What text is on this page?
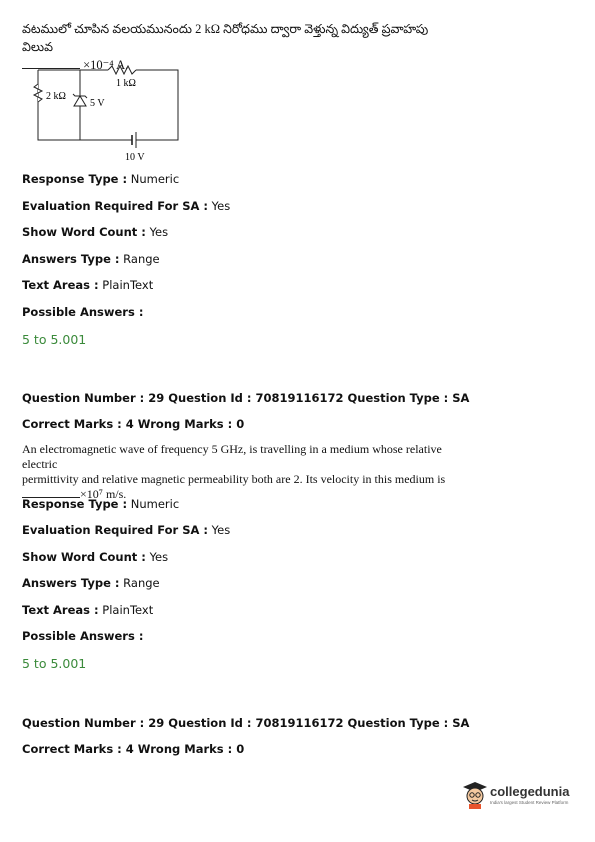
వటములో చూపిన వలయమునందు 2 kΩ నిరోధము ద్వారా వెళ్తున్న విద్యుత్ ప్రవాహపు విలువ
×10⁻⁴ A.
1 kΩ
2 kΩ
5 V
10 V
Response Type : Numeric
Evaluation Required For SA : Yes
Show Word Count : Yes
Answers Type : Range
Text Areas : PlainText
Possible Answers :
5 to 5.001
Question Number : 29 Question Id : 70819116172 Question Type : SA
Correct Marks : 4 Wrong Marks : 0
An electromagnetic wave of frequency 5 GHz, is travelling in a medium whose relative electric
permittivity and relative magnetic permeability both are 2. Its velocity in this medium is
×10⁷ m/s.
Response Type : Numeric
Evaluation Required For SA : Yes
Show Word Count : Yes
Answers Type : Range
Text Areas : PlainText
Possible Answers :
5 to 5.001
Question Number : 29 Question Id : 70819116172 Question Type : SA
Correct Marks : 4 Wrong Marks : 0
collegedunia
India's largest Student Review Platform
